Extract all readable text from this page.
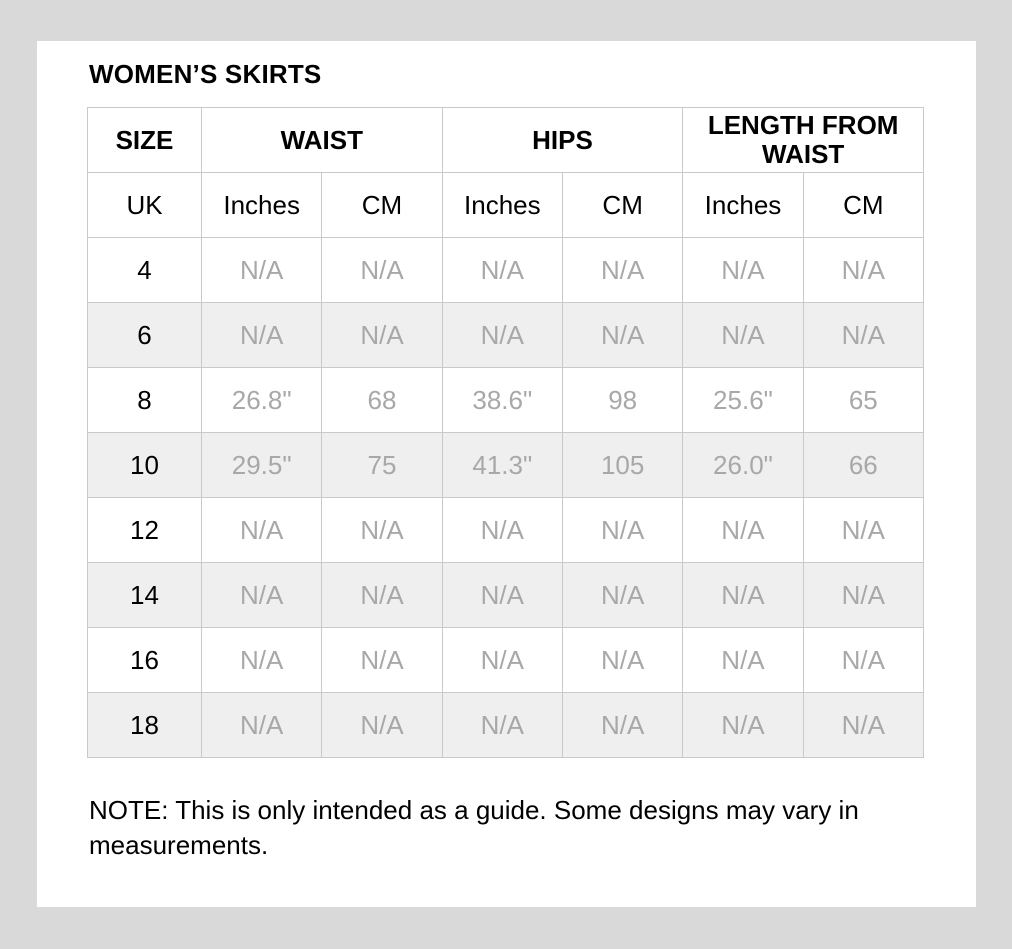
WOMEN’S SKIRTS
SIZE	WAIST		HIPS		LENGTH FROM WAIST	
UK	Inches	CM	Inches	CM	Inches	CM
4	N/A	N/A	N/A	N/A	N/A	N/A
6	N/A	N/A	N/A	N/A	N/A	N/A
8	26.8"	68	38.6"	98	25.6"	65
10	29.5"	75	41.3"	105	26.0"	66
12	N/A	N/A	N/A	N/A	N/A	N/A
14	N/A	N/A	N/A	N/A	N/A	N/A
16	N/A	N/A	N/A	N/A	N/A	N/A
18	N/A	N/A	N/A	N/A	N/A	N/A

NOTE: This is only intended as a guide. Some designs may vary in measurements.
